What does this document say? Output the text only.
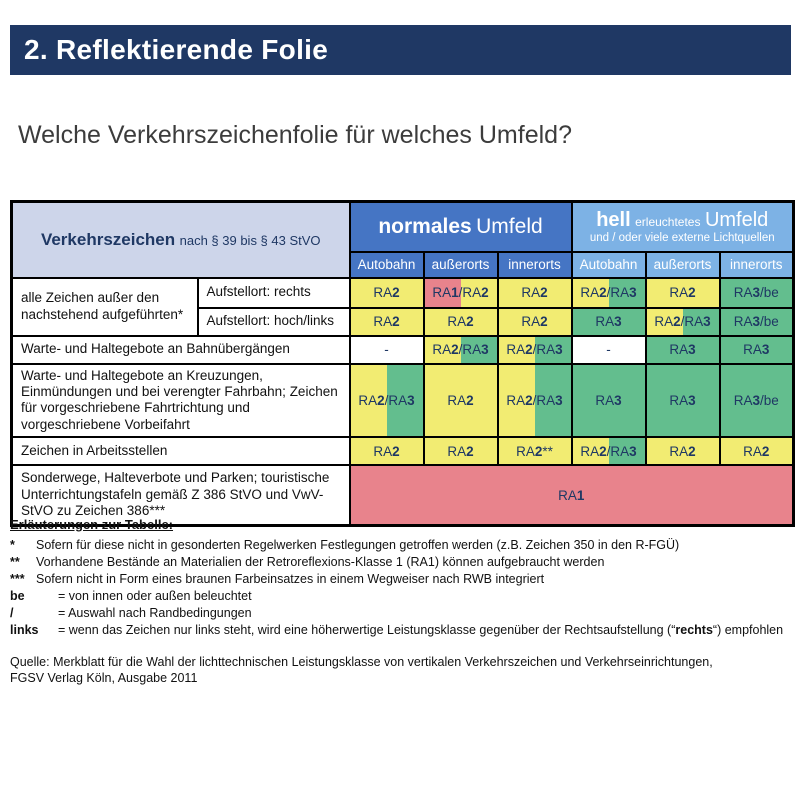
2. Reflektierende Folie
Welche Verkehrszeichenfolie für welches Umfeld?
Verkehrszeichen nach § 39 bis § 43 StVO		normales Umfeld			hell erleuchtetes Umfeld
und / oder viele externe Lichtquellen		

		Autobahn	außerorts	innerorts	Autobahn	außerorts	innerorts
alle Zeichen außer den nachstehend aufgeführten*	Aufstellort: rechts	RA2	RA1/RA2	RA2	RA2/RA3	RA2	RA3/be
	Aufstellort: hoch/links	RA2	RA2	RA2	RA3	RA2/RA3	RA3/be
Warte- und Haltegebote an Bahnübergängen		-	RA2/RA3	RA2/RA3	-	RA3	RA3
Warte- und Haltegebote an Kreuzungen, Einmündungen und bei verengter Fahrbahn; Zeichen für vorgeschriebene Fahrtrichtung und vorgeschriebene Vorbeifahrt		RA2/RA3	RA2	RA2/RA3	RA3	RA3	RA3/be
Zeichen in Arbeitsstellen		RA2	RA2	RA2**	RA2/RA3	RA2	RA2
Sonderwege, Halteverbote und Parken; touristische Unterrichtungstafeln gemäß Z 386 StVO und VwV-StVO zu Zeichen 386***		RA1					
Erläuterungen zur Tabelle:
*	Sofern für diese nicht in gesonderten Regelwerken Festlegungen getroffen werden (z.B. Zeichen 350 in den R-FGÜ)
**	Vorhandene Bestände an Materialien der Retroreflexions-Klasse 1 (RA1) können aufgebraucht werden
*** Sofern nicht in Form eines braunen Farbeinsatzes in einem Wegweiser nach RWB integriert
be	= von innen oder außen beleuchtet
/	= Auswahl nach Randbedingungen
links	= wenn das Zeichen nur links steht, wird eine höherwertige Leistungsklasse gegenüber der Rechtsaufstellung (“rechts“) empfohlen
Quelle: Merkblatt für die Wahl der lichttechnischen Leistungsklasse von vertikalen Verkehrszeichen und Verkehrseinrichtungen,
FGSV Verlag Köln, Ausgabe 2011
